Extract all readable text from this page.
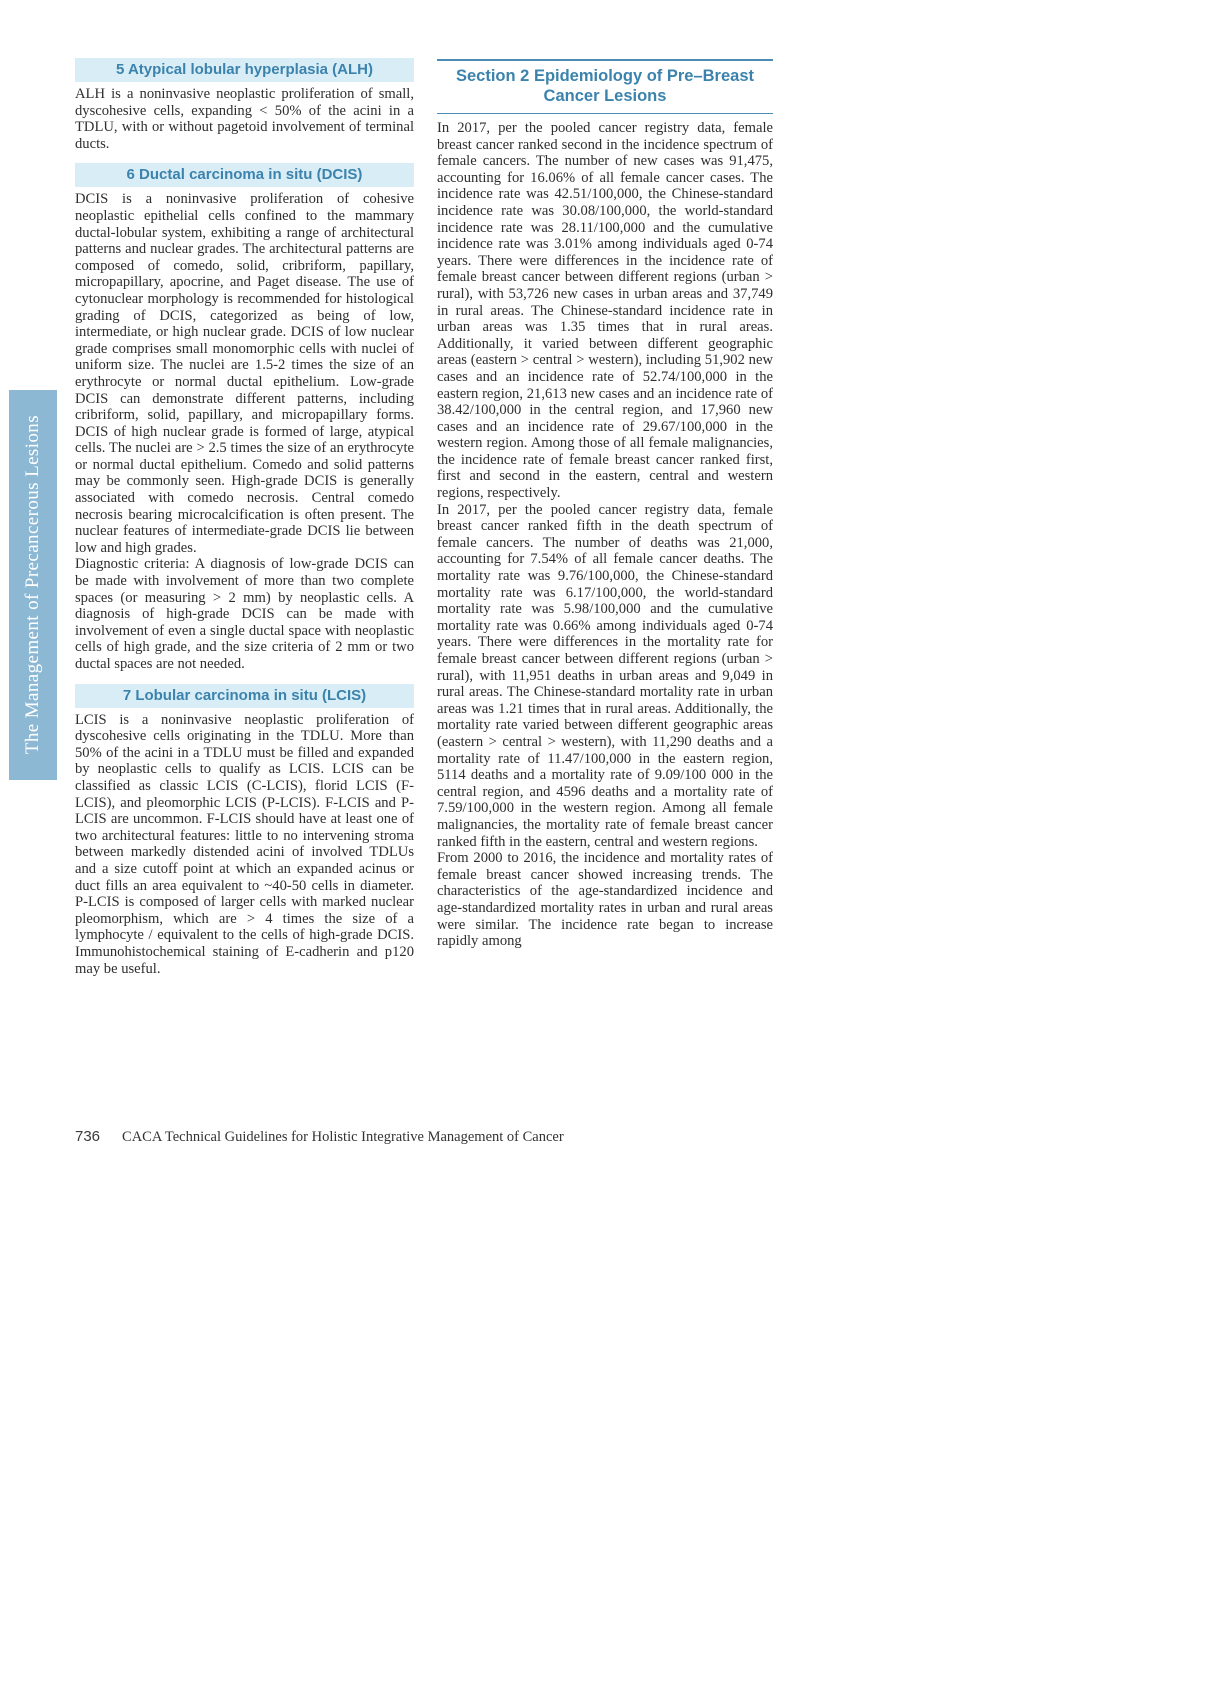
The Management of Precancerous Lesions
5 Atypical lobular hyperplasia (ALH)

ALH is a noninvasive neoplastic proliferation of small, dyscohesive cells, expanding < 50% of the acini in a TDLU, with or without pagetoid involvement of terminal ducts.

6 Ductal carcinoma in situ (DCIS)

DCIS is a noninvasive proliferation of cohesive neoplastic epithelial cells confined to the mammary ductal-lobular system, exhibiting a range of architectural patterns and nuclear grades. The architectural patterns are composed of comedo, solid, cribriform, papillary, micropapillary, apocrine, and Paget disease. The use of cytonuclear morphology is recommended for histological grading of DCIS, categorized as being of low, intermediate, or high nuclear grade. DCIS of low nuclear grade comprises small monomorphic cells with nuclei of uniform size. The nuclei are 1.5-2 times the size of an erythrocyte or normal ductal epithelium. Low-grade DCIS can demonstrate different patterns, including cribriform, solid, papillary, and micropapillary forms. DCIS of high nuclear grade is formed of large, atypical cells. The nuclei are > 2.5 times the size of an erythrocyte or normal ductal epithelium. Comedo and solid patterns may be commonly seen. High-grade DCIS is generally associated with comedo necrosis. Central comedo necrosis bearing microcalcification is often present. The nuclear features of intermediate-grade DCIS lie between low and high grades.

Diagnostic criteria: A diagnosis of low-grade DCIS can be made with involvement of more than two complete spaces (or measuring > 2 mm) by neoplastic cells. A diagnosis of high-grade DCIS can be made with involvement of even a single ductal space with neoplastic cells of high grade, and the size criteria of 2 mm or two ductal spaces are not needed.

7 Lobular carcinoma in situ (LCIS)

LCIS is a noninvasive neoplastic proliferation of dyscohesive cells originating in the TDLU. More than 50% of the acini in a TDLU must be filled and expanded by neoplastic cells to qualify as LCIS. LCIS can be classified as classic LCIS (C-LCIS), florid LCIS (F-LCIS), and pleomorphic LCIS (P-LCIS). F-LCIS and P-LCIS are uncommon. F-LCIS should have at least one of two architectural features: little to no intervening stroma between markedly distended acini of involved TDLUs and a size cutoff point at which an expanded acinus or duct fills an area equivalent to ~40-50 cells in diameter. P-LCIS is composed of larger cells with marked nuclear pleomorphism, which are > 4 times the size of a lymphocyte / equivalent to the cells of high-grade DCIS. Immunohistochemical staining of E-cadherin and p120 may be useful.

Section 2 Epidemiology of Pre–Breast Cancer Lesions

In 2017, per the pooled cancer registry data, female breast cancer ranked second in the incidence spectrum of female cancers. The number of new cases was 91,475, accounting for 16.06% of all female cancer cases. The incidence rate was 42.51/100,000, the Chinese-standard incidence rate was 30.08/100,000, the world-standard incidence rate was 28.11/100,000 and the cumulative incidence rate was 3.01% among individuals aged 0-74 years. There were differences in the incidence rate of female breast cancer between different regions (urban > rural), with 53,726 new cases in urban areas and 37,749 in rural areas. The Chinese-standard incidence rate in urban areas was 1.35 times that in rural areas. Additionally, it varied between different geographic areas (eastern > central > western), including 51,902 new cases and an incidence rate of 52.74/100,000 in the eastern region, 21,613 new cases and an incidence rate of 38.42/100,000 in the central region, and 17,960 new cases and an incidence rate of 29.67/100,000 in the western region. Among those of all female malignancies, the incidence rate of female breast cancer ranked first, first and second in the eastern, central and western regions, respectively.

In 2017, per the pooled cancer registry data, female breast cancer ranked fifth in the death spectrum of female cancers. The number of deaths was 21,000, accounting for 7.54% of all female cancer deaths. The mortality rate was 9.76/100,000, the Chinese-standard mortality rate was 6.17/100,000, the world-standard mortality rate was 5.98/100,000 and the cumulative mortality rate was 0.66% among individuals aged 0-74 years. There were differences in the mortality rate for female breast cancer between different regions (urban > rural), with 11,951 deaths in urban areas and 9,049 in rural areas. The Chinese-standard mortality rate in urban areas was 1.21 times that in rural areas. Additionally, the mortality rate varied between different geographic areas (eastern > central > western), with 11,290 deaths and a mortality rate of 11.47/100,000 in the eastern region, 5114 deaths and a mortality rate of 9.09/100 000 in the central region, and 4596 deaths and a mortality rate of 7.59/100,000 in the western region. Among all female malignancies, the mortality rate of female breast cancer ranked fifth in the eastern, central and western regions.

From 2000 to 2016, the incidence and mortality rates of female breast cancer showed increasing trends. The characteristics of the age-standardized incidence and age-standardized mortality rates in urban and rural areas were similar. The incidence rate began to increase rapidly among

736 CACA Technical Guidelines for Holistic Integrative Management of Cancer
